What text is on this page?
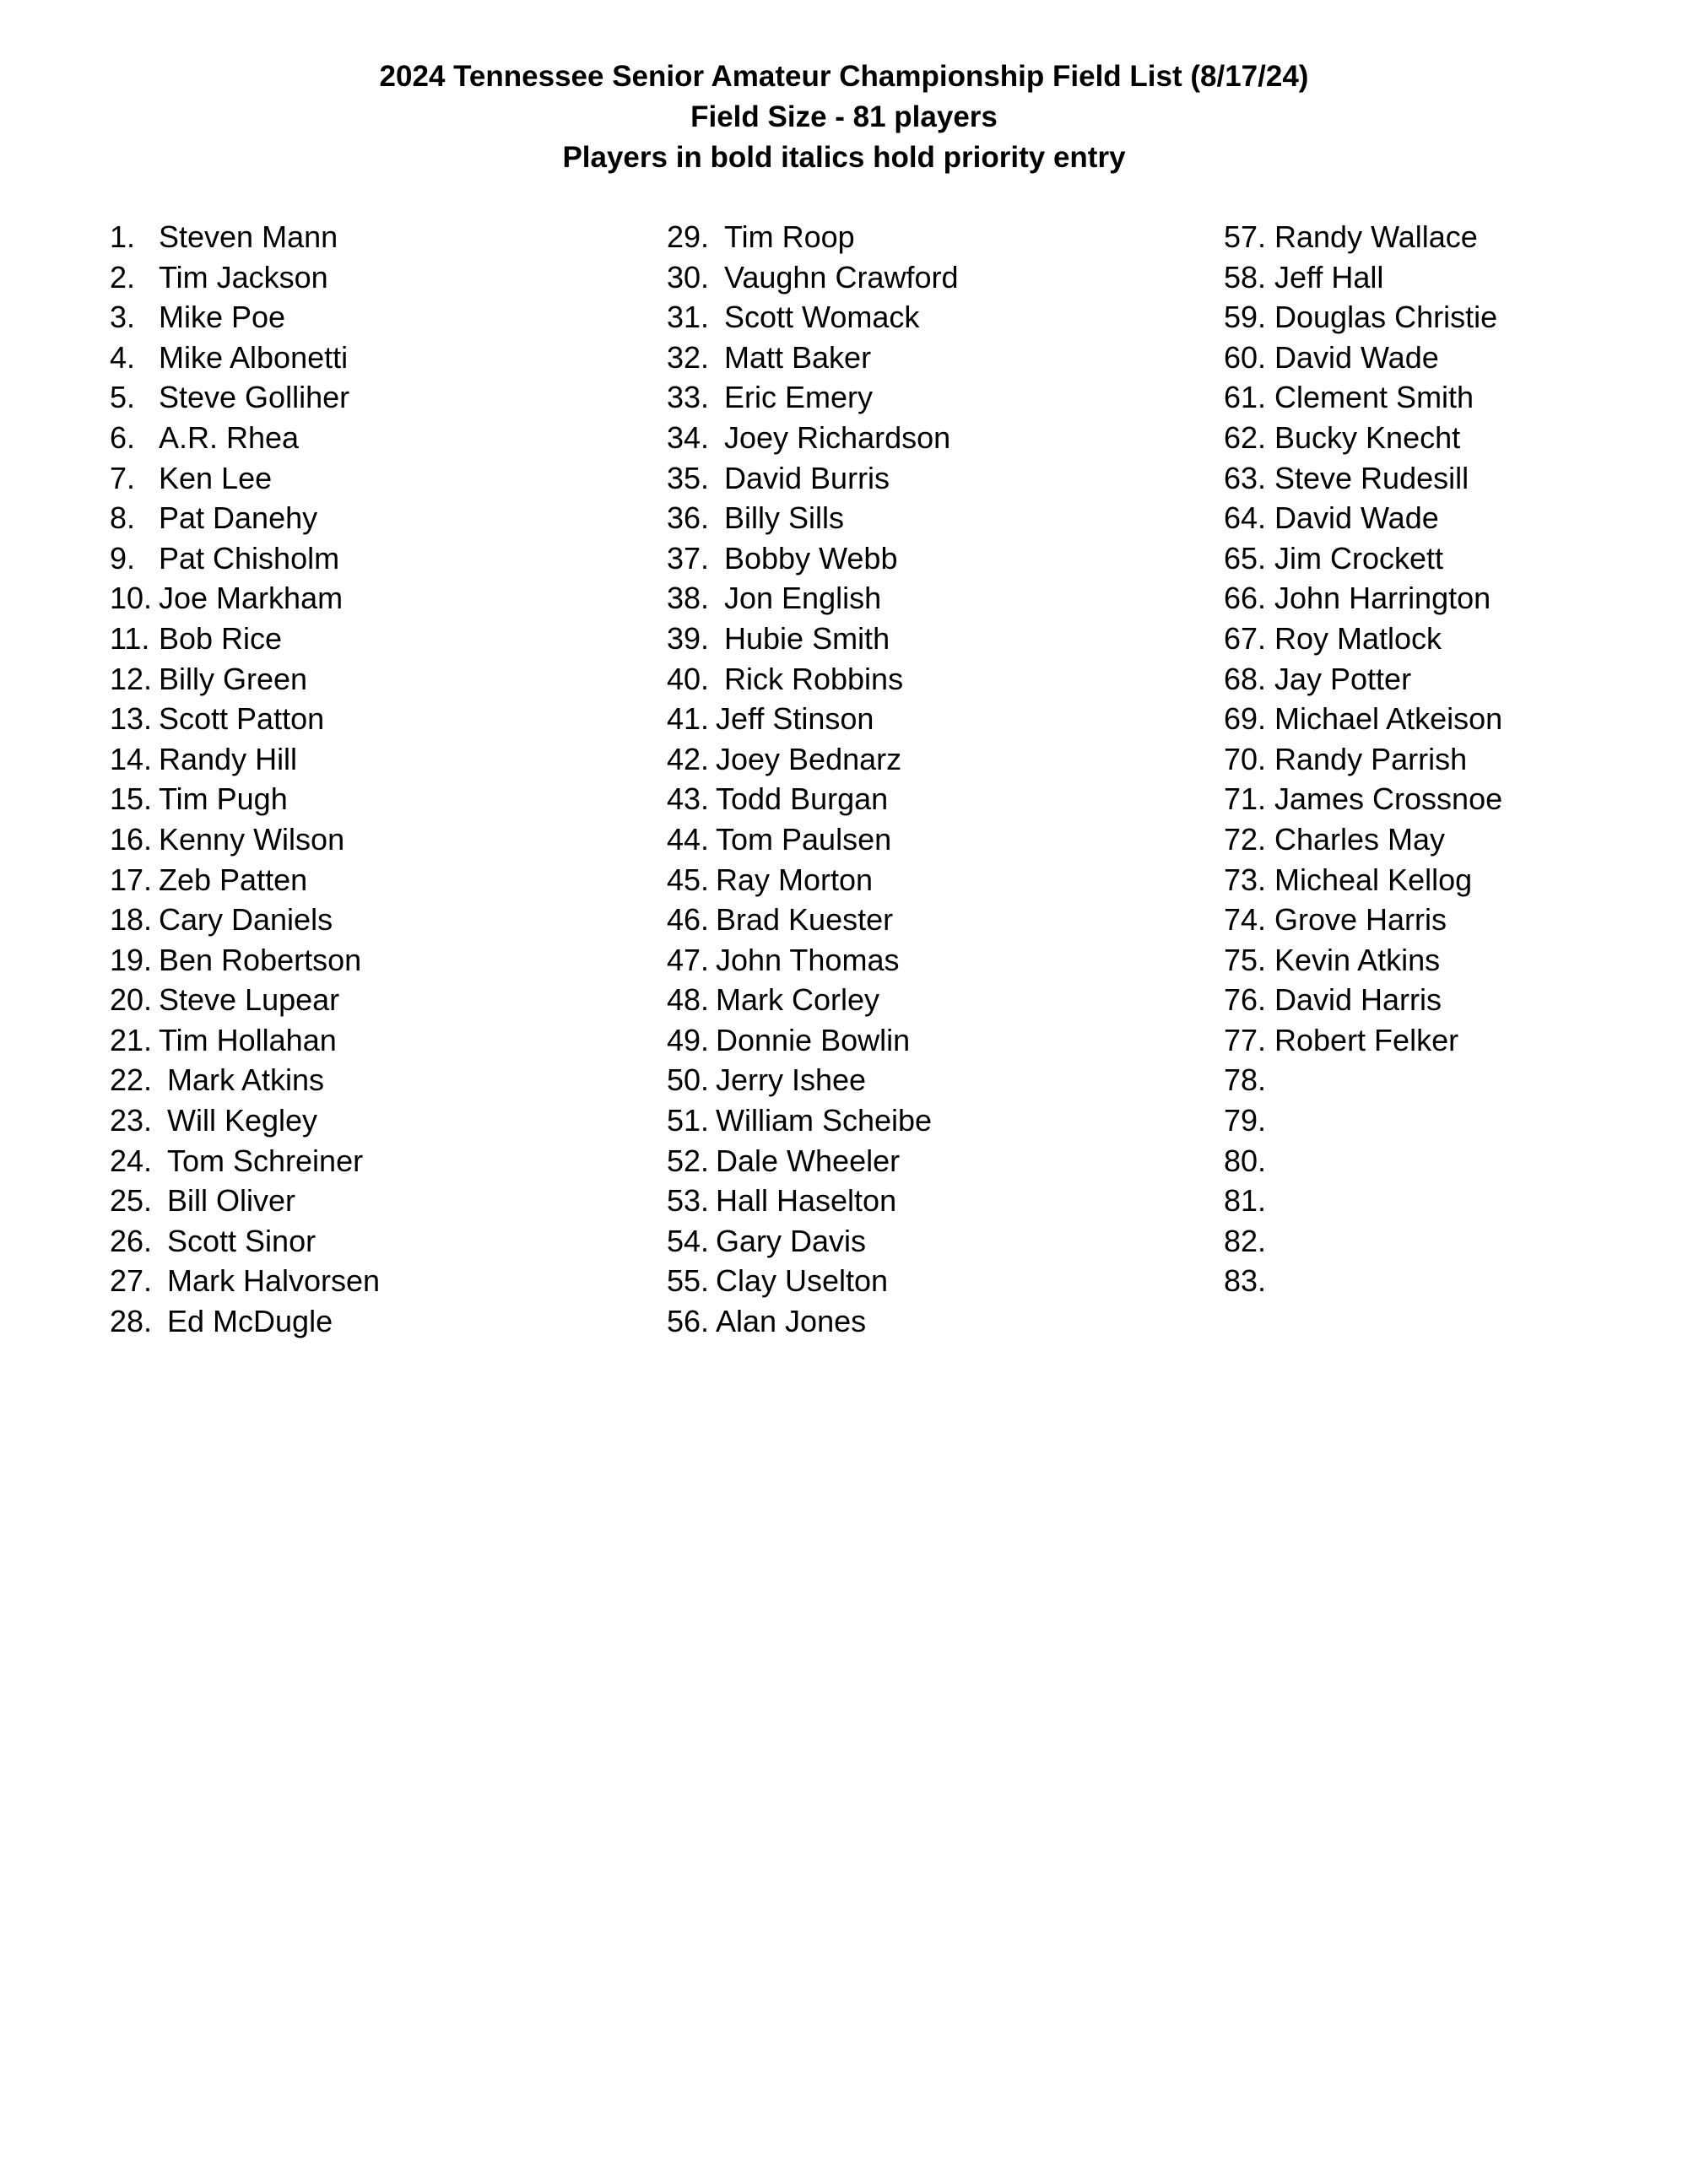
2024 Tennessee Senior Amateur Championship Field List (8/17/24)
Field Size - 81 players
Players in bold italics hold priority entry
1. Steven Mann
2. Tim Jackson
3. Mike Poe
4. Mike Albonetti
5. Steve Golliher
6. A.R. Rhea
7. Ken Lee
8. Pat Danehy
9. Pat Chisholm
10. Joe Markham
11. Bob Rice
12. Billy Green
13. Scott Patton
14. Randy Hill
15. Tim Pugh
16. Kenny Wilson
17. Zeb Patten
18. Cary Daniels
19. Ben Robertson
20. Steve Lupear
21. Tim Hollahan
22. Mark Atkins
23. Will Kegley
24. Tom Schreiner
25. Bill Oliver
26. Scott Sinor
27. Mark Halvorsen
28. Ed McDugle
29. Tim Roop
30. Vaughn Crawford
31. Scott Womack
32. Matt Baker
33. Eric Emery
34. Joey Richardson
35. David Burris
36. Billy Sills
37. Bobby Webb
38. Jon English
39. Hubie Smith
40. Rick Robbins
41. Jeff Stinson
42. Joey Bednarz
43. Todd Burgan
44. Tom Paulsen
45. Ray Morton
46. Brad Kuester
47. John Thomas
48. Mark Corley
49. Donnie Bowlin
50. Jerry Ishee
51. William Scheibe
52. Dale Wheeler
53. Hall Haselton
54. Gary Davis
55. Clay Uselton
56. Alan Jones
57. Randy Wallace
58. Jeff Hall
59. Douglas Christie
60. David Wade
61. Clement Smith
62. Bucky Knecht
63. Steve Rudesill
64. David Wade
65. Jim Crockett
66. John Harrington
67. Roy Matlock
68. Jay Potter
69. Michael Atkeison
70. Randy Parrish
71. James Crossnoe
72. Charles May
73. Micheal Kellog
74. Grove Harris
75. Kevin Atkins
76. David Harris
77. Robert Felker
78.
79.
80.
81.
82.
83.
